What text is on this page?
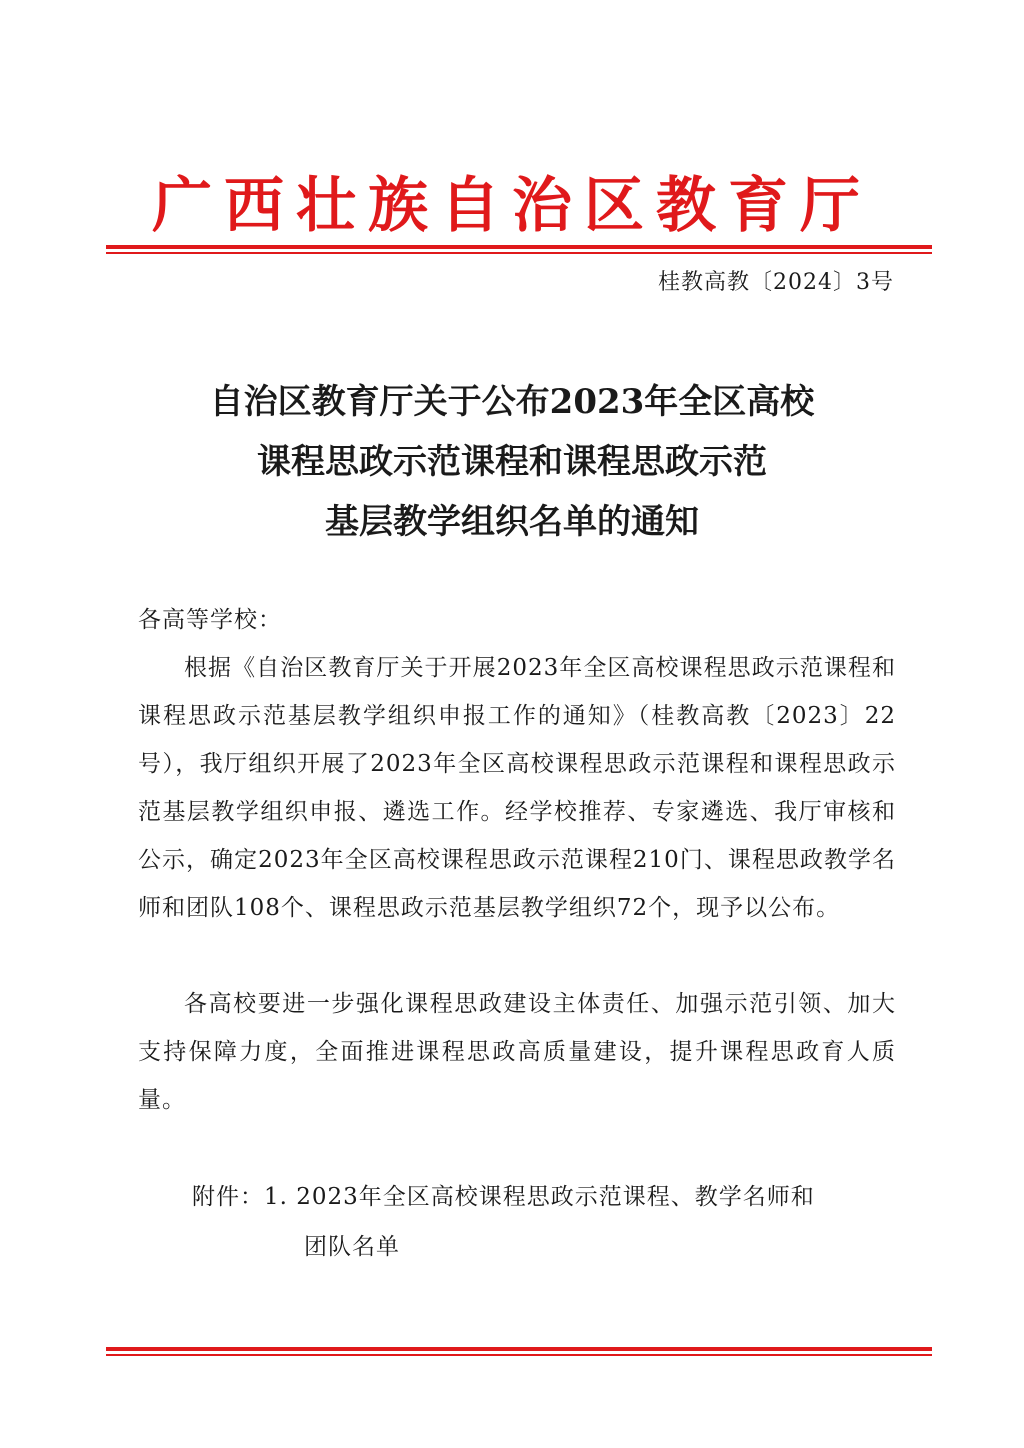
广西壮族自治区教育厅
桂教高教〔2024〕3号
自治区教育厅关于公布2023年全区高校
课程思政示范课程和课程思政示范
基层教学组织名单的通知
各高等学校：
根据《自治区教育厅关于开展2023年全区高校课程思政示范课程和课程思政示范基层教学组织申报工作的通知》（桂教高教〔2023〕22号），我厅组织开展了2023年全区高校课程思政示范课程和课程思政示范基层教学组织申报、遴选工作。经学校推荐、专家遴选、我厅审核和公示，确定2023年全区高校课程思政示范课程210门、课程思政教学名师和团队108个、课程思政示范基层教学组织72个，现予以公布。
各高校要进一步强化课程思政建设主体责任、加强示范引领、加大支持保障力度，全面推进课程思政高质量建设，提升课程思政育人质量。
附件：1. 2023年全区高校课程思政示范课程、教学名师和
团队名单
